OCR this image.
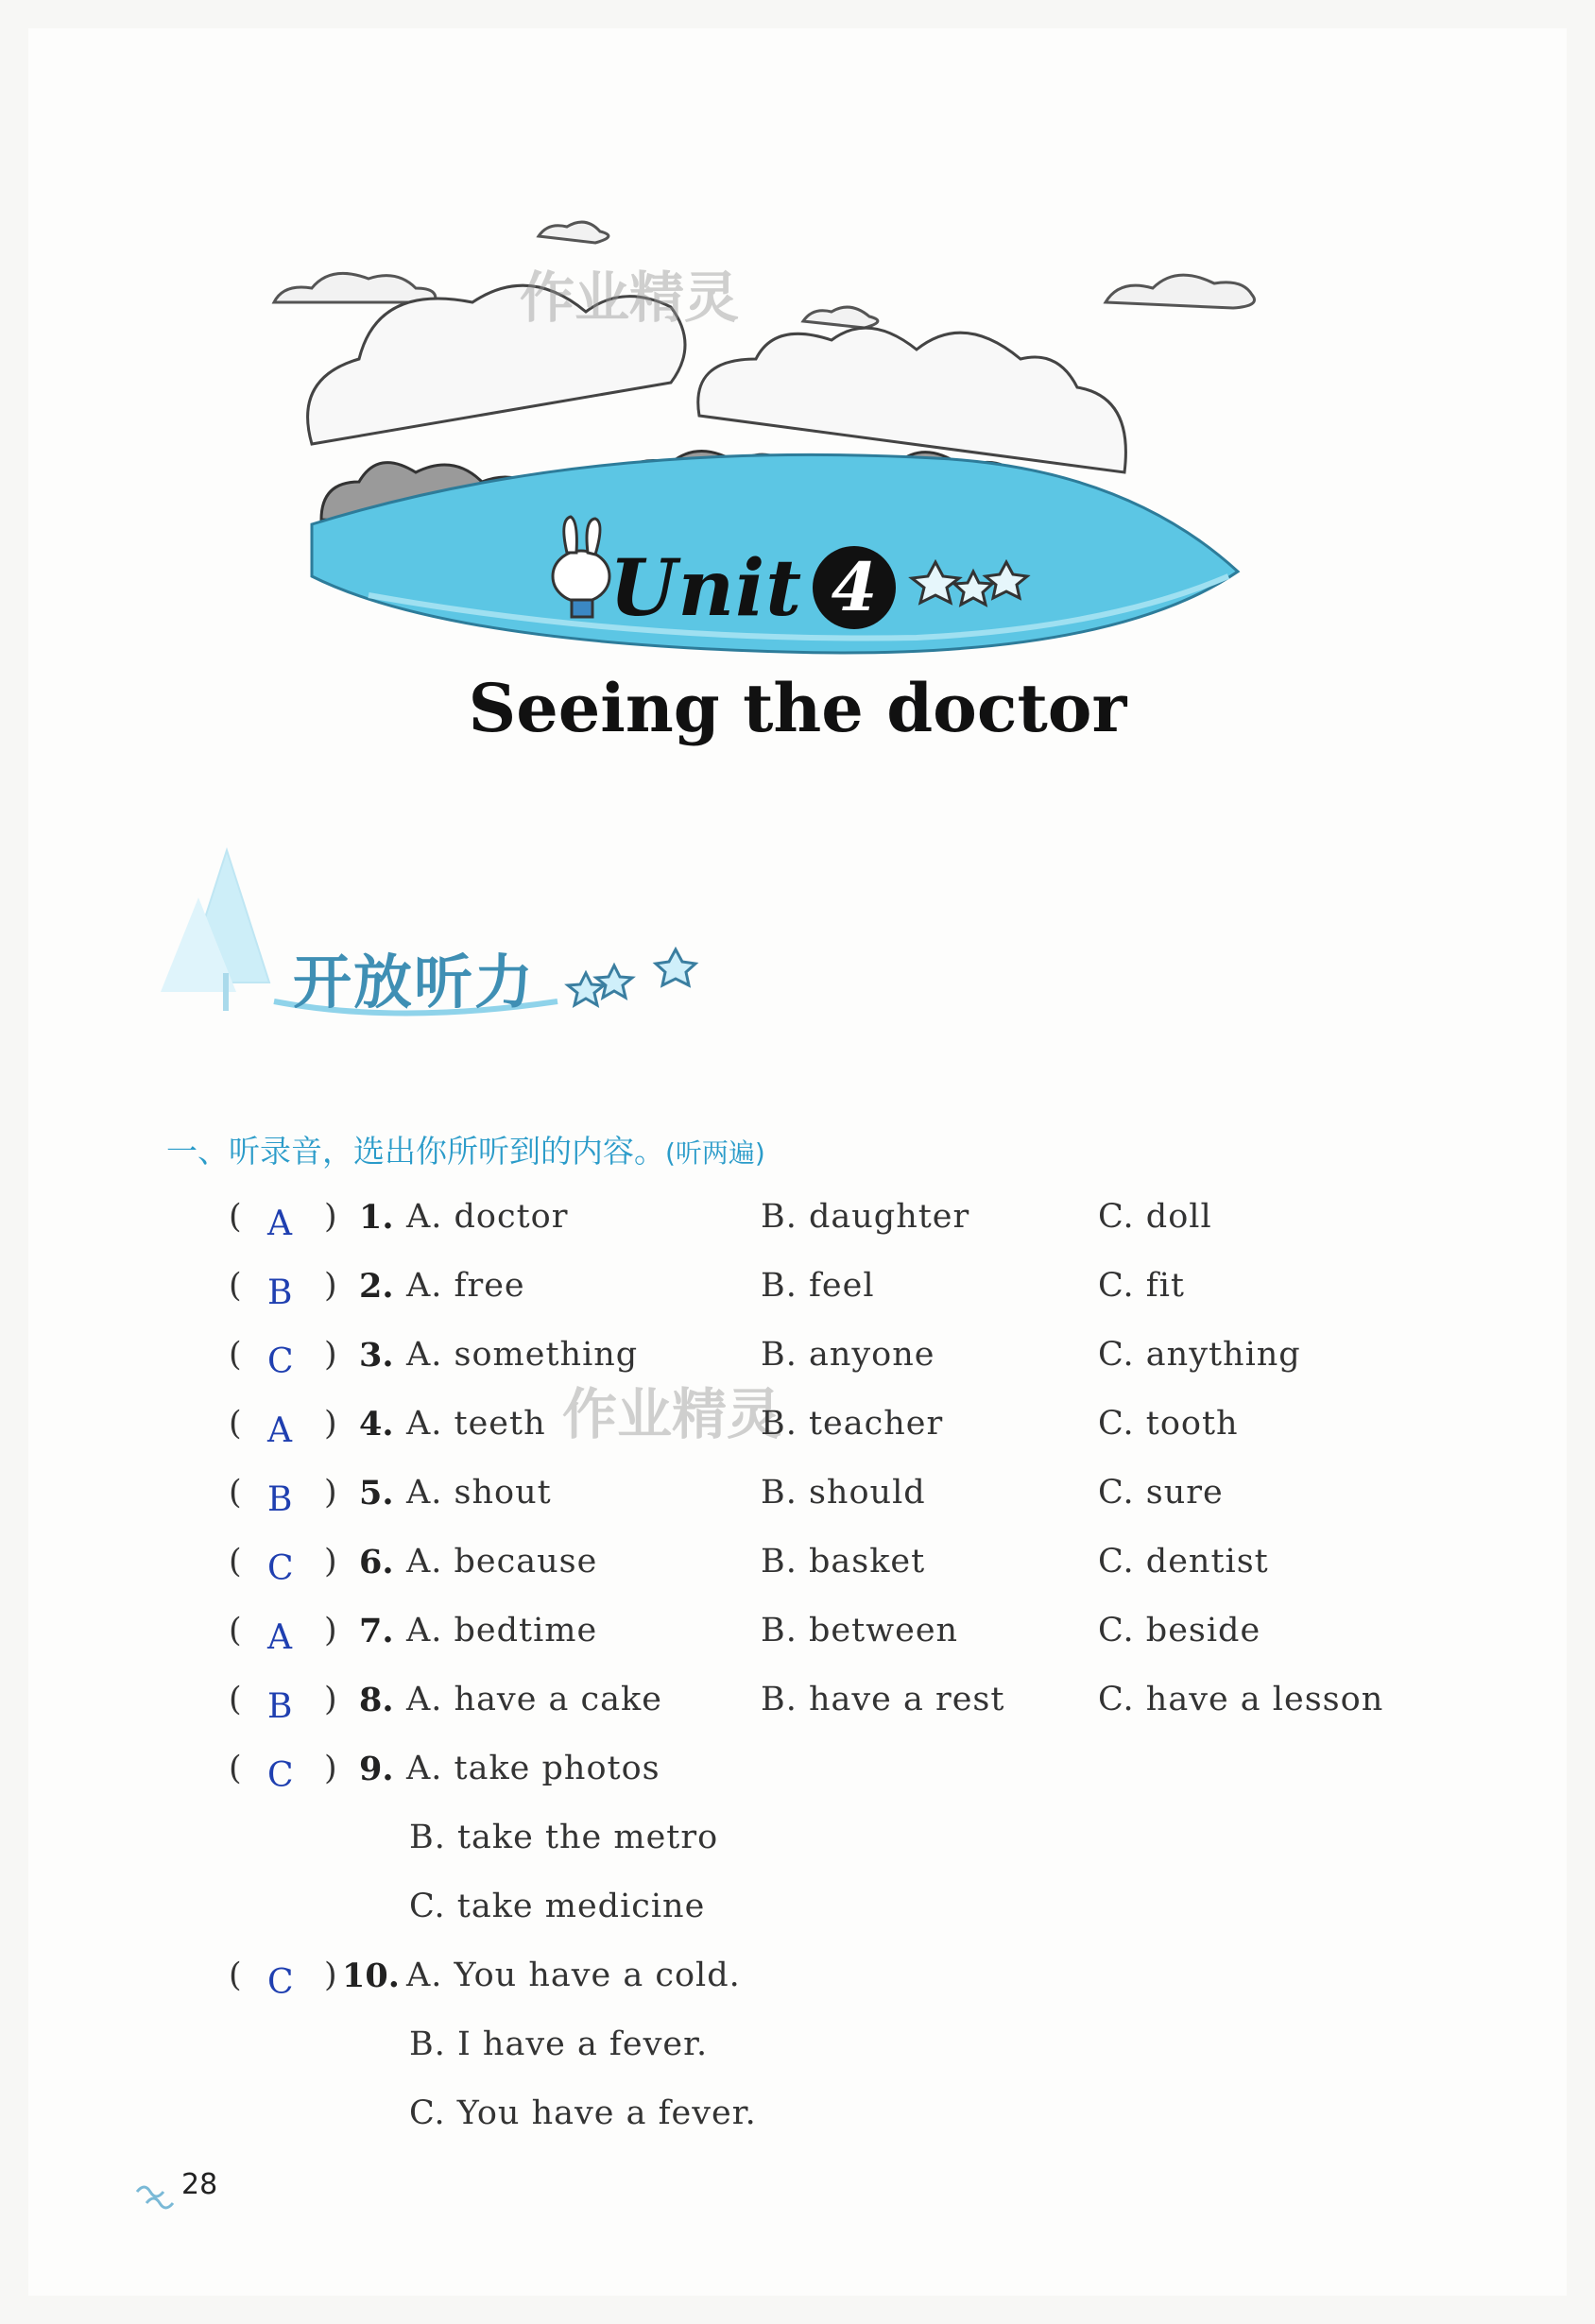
Unit 4
Seeing the doctor
作业精灵
作业精灵
开放听力
一、听录音，选出你所听到的内容。(听两遍)
( A ) 1. A. doctor	B. daughter	C. doll
( B ) 2. A. free	B. feel	C. fit
( C ) 3. A. something	B. anyone	C. anything
( A ) 4. A. teeth	B. teacher	C. tooth
( B ) 5. A. shout	B. should	C. sure
( C ) 6. A. because	B. basket	C. dentist
( A ) 7. A. bedtime	B. between	C. beside
( B ) 8. A. have a cake	B. have a rest	C. have a lesson
( C ) 9. A. take photos
B. take the metro
C. take medicine
( C ) 10. A. You have a cold.
B. I have a fever.
C. You have a fever.
28
